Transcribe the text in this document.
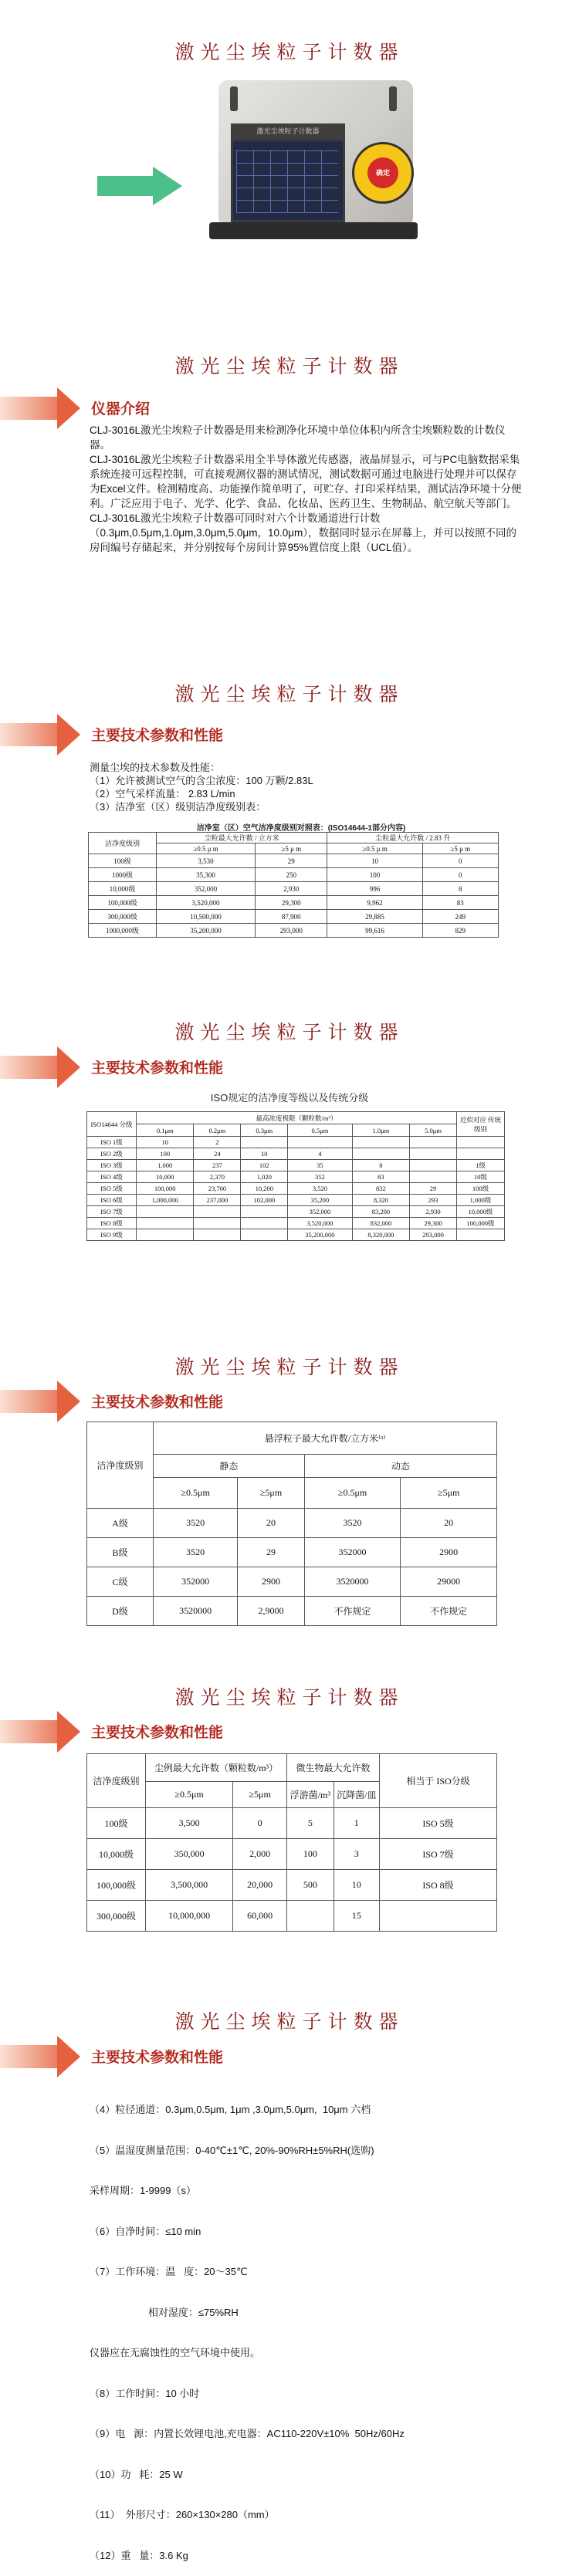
激光尘埃粒子计数器
激光尘埃粒子计数器
确定
激光尘埃粒子计数器
仪器介绍

CLJ-3016L激光尘埃粒子计数器是用来检测净化环境中单位体积内所含尘埃颗粒数的计数仪器。

CLJ-3016L激光尘埃粒子计数器采用全半导体激光传感器，液晶屏显示，可与PC电脑数据采集系统连接可远程控制，可直接观测仪器的测试情况，测试数据可通过电脑进行处理并可以保存为Excel文件。检测精度高、功能操作简单明了，可贮存、打印采样结果，测试洁净环境十分便利。广泛应用于电子、光学、化学、食品、化妆品、医药卫生、生物制品、航空航天等部门。

CLJ-3016L激光尘埃粒子计数器可同时对六个计数通道进行计数

（0.3μm,0.5μm,1.0μm,3.0μm,5.0μm，10.0μm），数据同时显示在屏幕上，并可以按照不同的房间编号存储起来，并分别按每个房间计算95%置信度上限（UCL值）。

激光尘埃粒子计数器
主要技术参数和性能

测量尘埃的技术参数及性能：

（1）允许被测试空气的含尘浓度：100 万颗/2.83L

（2）空气采样流量： 2.83 L/min

（3）洁净室（区）级别洁净度级别表：

洁净室（区）空气洁净度级别对照表：(ISO14644-1部分内容)
洁净度级别	尘粒最大允许数 / 立方米		尘粒最大允许数 / 2.83 升	
	≥0.5 μ m	≥5 μ m	≥0.5 μ m	≥5 μ m
100级	3,530	29	10	0
1000级	35,300	250	100	0
10,000级	352,000	2,930	996	8
100,000级	3,520,000	29,300	9,962	83
300,000级	10,500,000	87,900	29,885	249
1000,000级	35,200,000	293,000	99,616	829
激光尘埃粒子计数器
主要技术参数和性能
ISO规定的洁净度等级以及传统分级
ISO14644 分级	最高浓度极限（颗粒数/m³）						近似对应 传统级别
	0.1μm	0.2μm	0.3μm	0.5μm	1.0μm	5.0μm	
ISO 1级	10	2					
ISO 2级	100	24	10	4			
ISO 3级	1,000	237	102	35	8		1级
ISO 4级	10,000	2,370	1,020	352	83		10级
ISO 5级	100,000	23,700	10,200	3,520	832	29	100级
ISO 6级	1,000,000	237,000	102,000	35,200	8,320	293	1,000级
ISO 7级				352,000	83,200	2,930	10,000级
ISO 8级				3,520,000	832,000	29,300	100,000级
ISO 9级				35,200,000	8,320,000	293,000	
激光尘埃粒子计数器
主要技术参数和性能
洁净度级别	悬浮粒子最大允许数/立方米⁽ᵃ⁾			
	静态		动态	
	≥0.5μm	≥5μm	≥0.5μm	≥5μm
A级	3520	20	3520	20
B级	3520	29	352000	2900
C级	352000	2900	3520000	29000
D级	3520000	2,9000	不作规定	不作规定
激光尘埃粒子计数器
主要技术参数和性能
洁净度级别	尘例最大允许数（颗粒数/m³）		微生物最大允许数		相当于 ISO分级
	≥0.5μm	≥5μm	浮游菌/m³	沉降菌/皿	
100级	3,500	0	5	1	ISO 5级
10,000级	350,000	2,000	100	3	ISO 7级
100,000级	3,500,000	20,000	500	10	ISO 8级
300,000级	10,000,000	60,000		15	
激光尘埃粒子计数器
主要技术参数和性能

（4）粒径通道：0.3μm,0.5μm, 1μm ,3.0μm,5.0μm,  10μm 六档

（5）温湿度测量范围：0-40℃±1℃, 20%-90%RH±5%RH(选购)

采样周期：1-9999（s）

（6）自净时间：≤10 min

（7）工作环境：温   度：20～35℃

相对湿度：≤75%RH

仪器应在无腐蚀性的空气环境中使用。

（8）工作时间：10 小时

（9）电   源：内置长效锂电池,充电器：AC110-220V±10%  50Hz/60Hz

（10）功   耗：25 W

（11）  外形尺寸：260×130×280（mm）

（12）重   量：3.6 Kg
